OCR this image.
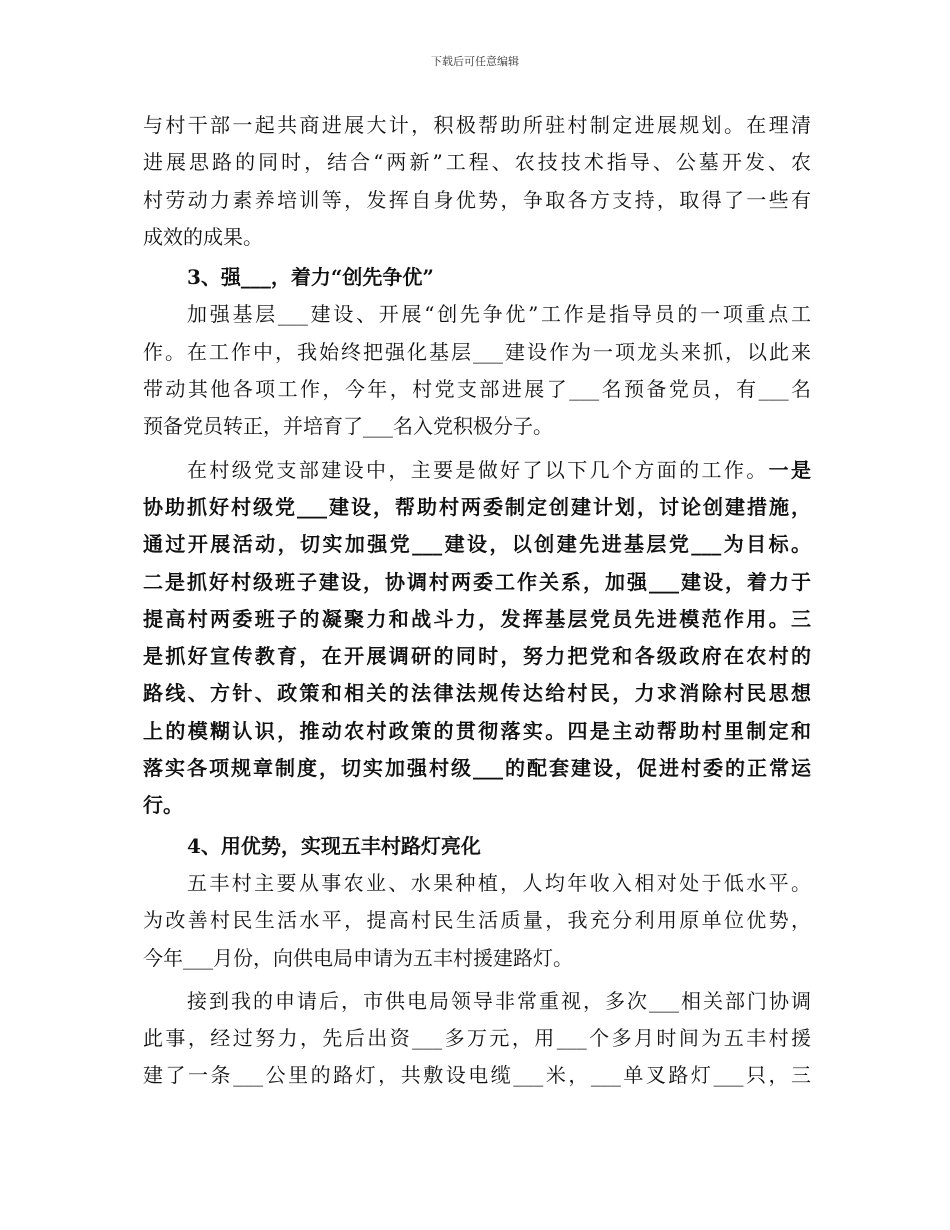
下载后可任意编辑
与村干部一起共商进展大计，积极帮助所驻村制定进展规划。在理清
进展思路的同时，结合“两新”工程、农技技术指导、公墓开发、农
村劳动力素养培训等，发挥自身优势，争取各方支持，取得了一些有
成效的成果。
3、强___，着力“创先争优”
加强基层___建设、开展“创先争优”工作是指导员的一项重点工
作。在工作中，我始终把强化基层___建设作为一项龙头来抓，以此来
带动其他各项工作，今年，村党支部进展了___名预备党员，有___名
预备党员转正，并培育了___名入党积极分子。
在村级党支部建设中，主要是做好了以下几个方面的工作。一是
协助抓好村级党___建设，帮助村两委制定创建计划，讨论创建措施，
通过开展活动，切实加强党___建设，以创建先进基层党___为目标。
二是抓好村级班子建设，协调村两委工作关系，加强___建设，着力于
提高村两委班子的凝聚力和战斗力，发挥基层党员先进模范作用。三
是抓好宣传教育，在开展调研的同时，努力把党和各级政府在农村的
路线、方针、政策和相关的法律法规传达给村民，力求消除村民思想
上的模糊认识，推动农村政策的贯彻落实。四是主动帮助村里制定和
落实各项规章制度，切实加强村级___的配套建设，促进村委的正常运
行。
4、用优势，实现五丰村路灯亮化
五丰村主要从事农业、水果种植，人均年收入相对处于低水平。
为改善村民生活水平，提高村民生活质量，我充分利用原单位优势，
今年___月份，向供电局申请为五丰村援建路灯。
接到我的申请后，市供电局领导非常重视，多次___相关部门协调
此事，经过努力，先后出资___多万元，用___个多月时间为五丰村援
建了一条___公里的路灯，共敷设电缆___米，___单叉路灯___只，三
